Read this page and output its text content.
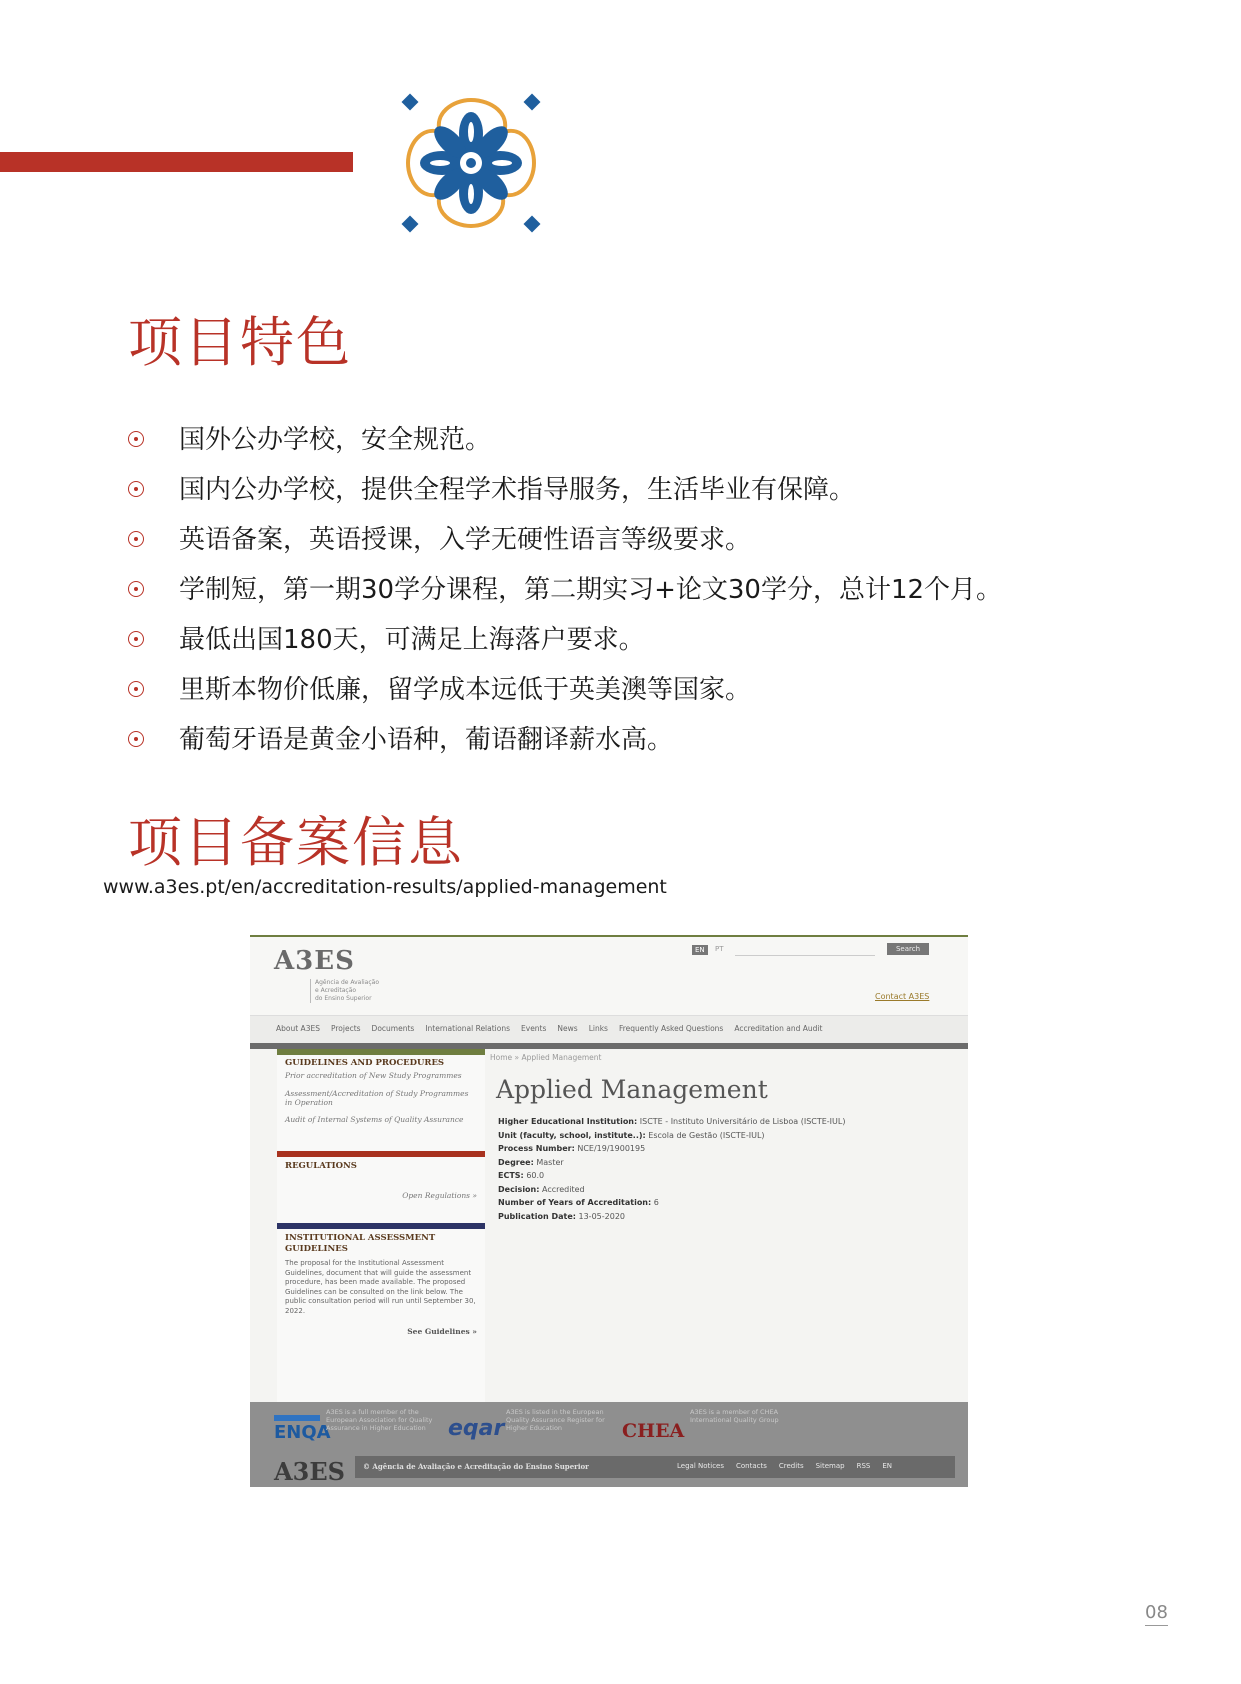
项目特色
国外公办学校，安全规范。
国内公办学校，提供全程学术指导服务，生活毕业有保障。
英语备案，英语授课，入学无硬性语言等级要求。
学制短，第一期30学分课程，第二期实习+论文30学分，总计12个月。
最低出国180天，可满足上海落户要求。
里斯本物价低廉，留学成本远低于英美澳等国家。
葡萄牙语是黄金小语种，葡语翻译薪水高。
项目备案信息
www.a3es.pt/en/accreditation-results/applied-management
A3ES
Agência de Avaliação
e Acreditação
do Ensino Superior
EN	PT	Search
Contact A3ES
About A3ES Projects Documents International Relations Events News Links Frequently Asked Questions Accreditation and Audit
GUIDELINES AND PROCEDURES
Prior accreditation of New Study Programmes
Assessment/Accreditation of Study Programmes in Operation
Audit of Internal Systems of Quality Assurance
REGULATIONS
Open Regulations »
INSTITUTIONAL ASSESSMENT GUIDELINES
The proposal for the Institutional Assessment Guidelines, document that will guide the assessment procedure, has been made available. The proposed Guidelines can be consulted on the link below. The public consultation period will run until September 30, 2022.
See Guidelines »
Home » Applied Management
Applied Management
Higher Educational Institution: ISCTE - Instituto Universitário de Lisboa (ISCTE-IUL)
Unit (faculty, school, institute..): Escola de Gestão (ISCTE-IUL)
Process Number: NCE/19/1900195
Degree: Master
ECTS: 60.0
Decision: Accredited
Number of Years of Accreditation: 6
Publication Date: 13-05-2020
ENQA
A3ES is a full member of the European Association for Quality Assurance in Higher Education	eqar
A3ES is listed in the European Quality Assurance Register for Higher Education	CHEA
A3ES is a member of CHEA International Quality Group
A3ES	© Agência de Avaliação e Acreditação do Ensino Superior	Legal Notices Contacts Credits Sitemap RSS EN
08
